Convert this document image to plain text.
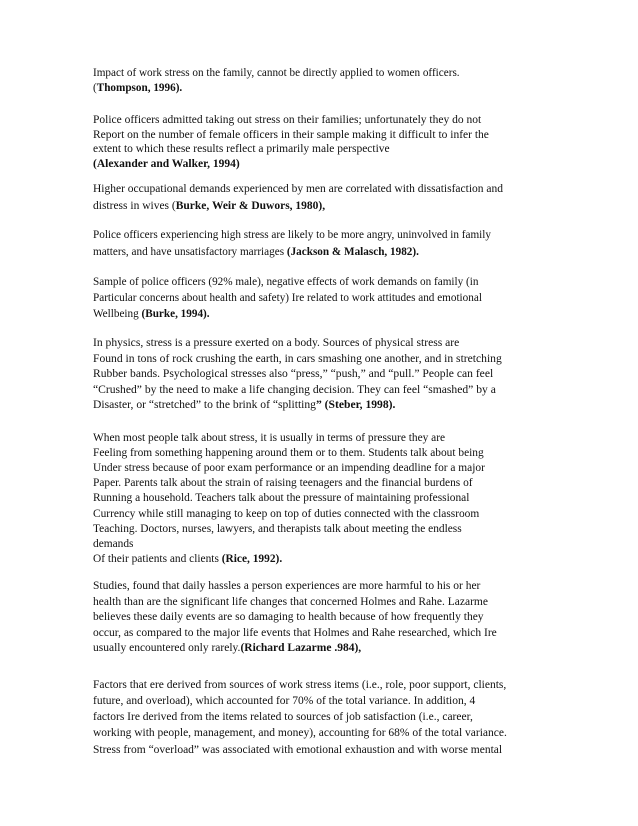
Impact of work stress on the family, cannot be directly applied to women officers.
(Thompson, 1996).

Police officers admitted taking out stress on their families; unfortunately they do not
Report on the number of female officers in their sample making it difficult to infer the
extent to which these results reflect a primarily male perspective
(Alexander and Walker, 1994)

Higher occupational demands experienced by men are correlated with dissatisfaction and
distress in wives (Burke, Weir & Duwors, 1980),

Police officers experiencing high stress are likely to be more angry, uninvolved in family
matters, and have unsatisfactory marriages (Jackson & Malasch, 1982).

Sample of police officers (92% male), negative effects of work demands on family (in
Particular concerns about health and safety) Ire related to work attitudes and emotional
Wellbeing (Burke, 1994).

In physics, stress is a pressure exerted on a body. Sources of physical stress are
Found in tons of rock crushing the earth, in cars smashing one another, and in stretching
Rubber bands. Psychological stresses also “press,” “push,” and “pull.” People can feel
“Crushed” by the need to make a life changing decision. They can feel “smashed” by a
Disaster, or “stretched” to the brink of “splitting” (Steber, 1998).

When most people talk about stress, it is usually in terms of pressure they are
Feeling from something happening around them or to them. Students talk about being
Under stress because of poor exam performance or an impending deadline for a major
Paper. Parents talk about the strain of raising teenagers and the financial burdens of
Running a household. Teachers talk about the pressure of maintaining professional
Currency while still managing to keep on top of duties connected with the classroom
Teaching. Doctors, nurses, lawyers, and therapists talk about meeting the endless
demands
Of their patients and clients (Rice, 1992).

Studies, found that daily hassles a person experiences are more harmful to his or her
health than are the significant life changes that concerned Holmes and Rahe. Lazarme
believes these daily events are so damaging to health because of how frequently they
occur, as compared to the major life events that Holmes and Rahe researched, which Ire
usually encountered only rarely.(Richard Lazarme .984),

Factors that ere derived from sources of work stress items (i.e., role, poor support, clients,
future, and overload), which accounted for 70% of the total variance. In addition, 4
factors Ire derived from the items related to sources of job satisfaction (i.e., career,
working with people, management, and money), accounting for 68% of the total variance.
Stress from “overload” was associated with emotional exhaustion and with worse mental
